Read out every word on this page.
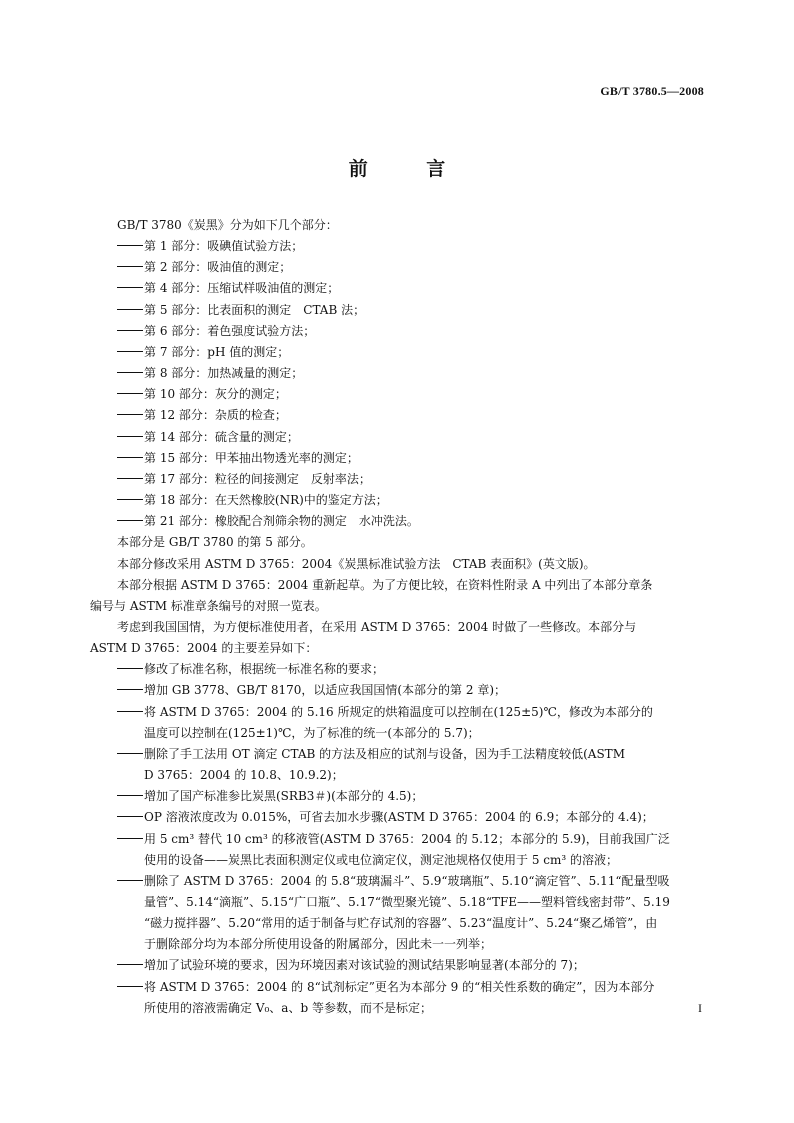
GB/T 3780.5—2008
前 言
GB/T 3780《炭黑》分为如下几个部分：
第 1 部分：吸碘值试验方法；
第 2 部分：吸油值的测定；
第 4 部分：压缩试样吸油值的测定；
第 5 部分：比表面积的测定　CTAB 法；
第 6 部分：着色强度试验方法；
第 7 部分：pH 值的测定；
第 8 部分：加热减量的测定；
第 10 部分：灰分的测定；
第 12 部分：杂质的检查；
第 14 部分：硫含量的测定；
第 15 部分：甲苯抽出物透光率的测定；
第 17 部分：粒径的间接测定　反射率法；
第 18 部分：在天然橡胶(NR)中的鉴定方法；
第 21 部分：橡胶配合剂筛余物的测定　水冲洗法。
本部分是 GB/T 3780 的第 5 部分。
本部分修改采用 ASTM D 3765：2004《炭黑标准试验方法　CTAB 表面积》(英文版)。
本部分根据 ASTM D 3765：2004 重新起草。为了方便比较，在资料性附录 A 中列出了本部分章条
编号与 ASTM 标准章条编号的对照一览表。
考虑到我国国情，为方便标准使用者，在采用 ASTM D 3765：2004 时做了一些修改。本部分与
ASTM D 3765：2004 的主要差异如下：
修改了标准名称，根据统一标准名称的要求；
增加 GB 3778、GB/T 8170，以适应我国国情(本部分的第 2 章)；
将 ASTM D 3765：2004 的 5.16 所规定的烘箱温度可以控制在(125±5)℃，修改为本部分的
温度可以控制在(125±1)℃，为了标准的统一(本部分的 5.7)；
删除了手工法用 OT 滴定 CTAB 的方法及相应的试剂与设备，因为手工法精度较低(ASTM
D 3765：2004 的 10.8、10.9.2)；
增加了国产标准参比炭黑(SRB3＃)(本部分的 4.5)；
OP 溶液浓度改为 0.015%，可省去加水步骤(ASTM D 3765：2004 的 6.9；本部分的 4.4)；
用 5 cm³ 替代 10 cm³ 的移液管(ASTM D 3765：2004 的 5.12；本部分的 5.9)，目前我国广泛
使用的设备——炭黑比表面积测定仪或电位滴定仪，测定池规格仅使用于 5 cm³ 的溶液；
删除了 ASTM D 3765：2004 的 5.8“玻璃漏斗”、5.9“玻璃瓶”、5.10“滴定管”、5.11“配量型吸
量管”、5.14“滴瓶”、5.15“广口瓶”、5.17“微型聚光镜”、5.18“TFE——塑料管线密封带”、5.19
“磁力搅拌器”、5.20“常用的适于制备与贮存试剂的容器”、5.23“温度计”、5.24“聚乙烯管”，由
于删除部分均为本部分所使用设备的附属部分，因此未一一列举；
增加了试验环境的要求，因为环境因素对该试验的测试结果影响显著(本部分的 7)；
将 ASTM D 3765：2004 的 8“试剂标定”更名为本部分 9 的“相关性系数的确定”，因为本部分
所使用的溶液需确定 V₀、a、b 等参数，而不是标定；	I
